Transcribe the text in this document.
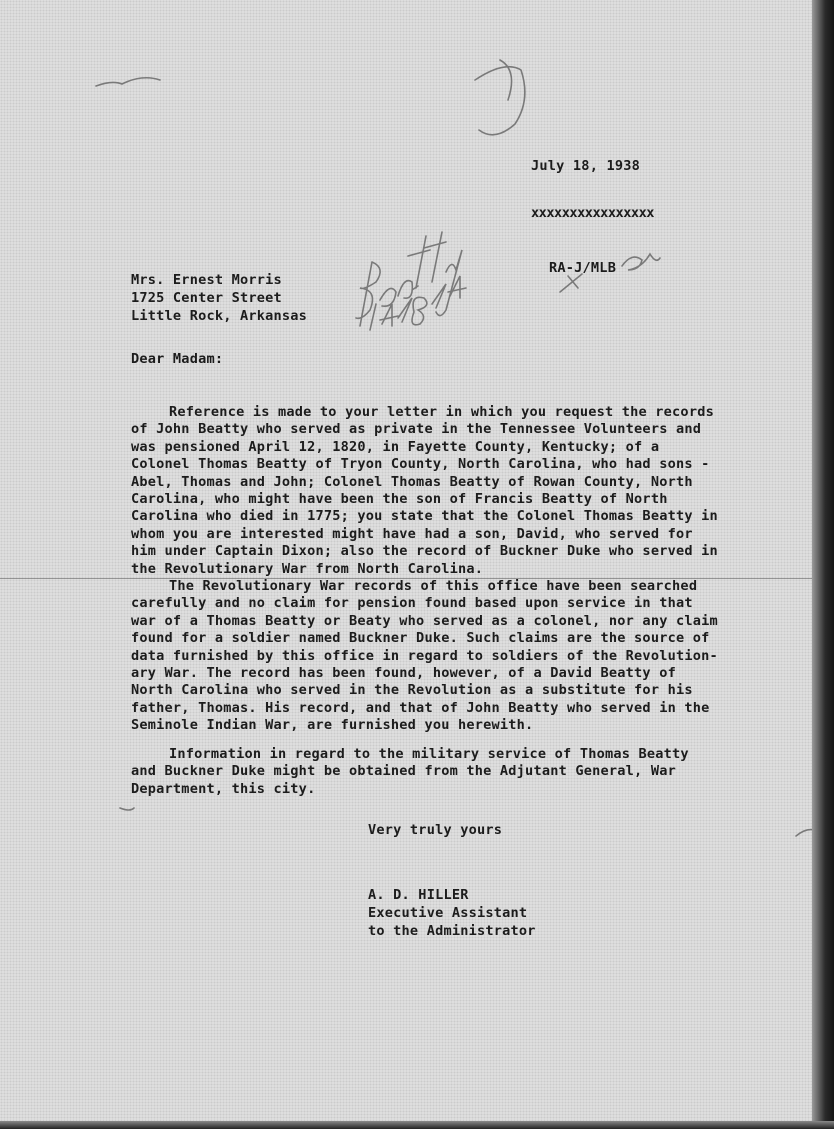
July 18, 1938

xxxxxxxxxxxxxxxx

RA-J/MLB

Mrs. Ernest Morris

1725 Center Street

Little Rock, Arkansas

Dear Madam:

Reference is made to your letter in which you request the records
of John Beatty who served as private in the Tennessee Volunteers and
was pensioned April 12, 1820, in Fayette County, Kentucky; of a
Colonel Thomas Beatty of Tryon County, North Carolina, who had sons -
Abel, Thomas and John; Colonel Thomas Beatty of Rowan County, North
Carolina, who might have been the son of Francis Beatty of North
Carolina who died in 1775; you state that the Colonel Thomas Beatty in
whom you are interested might have had a son, David, who served for
him under Captain Dixon; also the record of Buckner Duke who served in
the Revolutionary War from North Carolina.
The Revolutionary War records of this office have been searched
carefully and no claim for pension found based upon service in that
war of a Thomas Beatty or Beaty who served as a colonel, nor any claim
found for a soldier named Buckner Duke. Such claims are the source of
data furnished by this office in regard to soldiers of the Revolution-
ary War. The record has been found, however, of a David Beatty of
North Carolina who served in the Revolution as a substitute for his
father, Thomas. His record, and that of John Beatty who served in the
Seminole Indian War, are furnished you herewith.
Information in regard to the military service of Thomas Beatty
and Buckner Duke might be obtained from the Adjutant General, War
Department, this city.

Very truly yours

A. D. HILLER

Executive Assistant

to the Administrator
